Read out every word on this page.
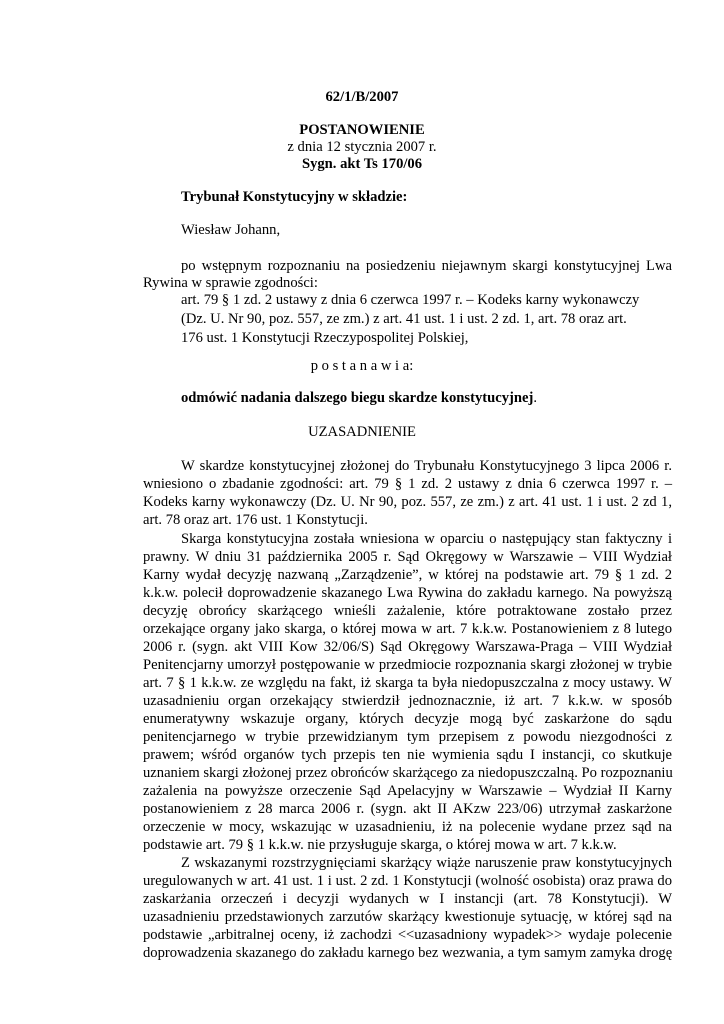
62/1/B/2007
POSTANOWIENIE
z dnia 12 stycznia 2007 r.
Sygn. akt Ts 170/06
Trybunał Konstytucyjny w składzie:
Wiesław Johann,
po wstępnym rozpoznaniu na posiedzeniu niejawnym skargi konstytucyjnej Lwa
Rywina w sprawie zgodności:
art. 79 § 1 zd. 2 ustawy z dnia 6 czerwca 1997 r. – Kodeks karny wykonawczy
(Dz. U. Nr 90, poz. 557, ze zm.) z art. 41 ust. 1 i ust. 2 zd. 1, art. 78 oraz art.
176 ust. 1 Konstytucji Rzeczypospolitej Polskiej,
p o s t a n a w i a:
odmówić nadania dalszego biegu skardze konstytucyjnej.
UZASADNIENIE
W skardze konstytucyjnej złożonej do Trybunału Konstytucyjnego 3 lipca 2006 r.
wniesiono o zbadanie zgodności: art. 79 § 1 zd. 2 ustawy z dnia 6 czerwca 1997 r. –
Kodeks karny wykonawczy (Dz. U. Nr 90, poz. 557, ze zm.) z art. 41 ust. 1 i ust. 2 zd 1,
art. 78 oraz art. 176 ust. 1 Konstytucji.
Skarga konstytucyjna została wniesiona w oparciu o następujący stan faktyczny i
prawny. W dniu 31 października 2005 r. Sąd Okręgowy w Warszawie – VIII Wydział
Karny wydał decyzję nazwaną „Zarządzenie”, w której na podstawie art. 79 § 1 zd. 2
k.k.w. polecił doprowadzenie skazanego Lwa Rywina do zakładu karnego. Na powyższą
decyzję obrońcy skarżącego wnieśli zażalenie, które potraktowane zostało przez
orzekające organy jako skarga, o której mowa w art. 7 k.k.w. Postanowieniem z 8 lutego
2006 r. (sygn. akt VIII Kow 32/06/S) Sąd Okręgowy Warszawa-Praga – VIII Wydział
Penitencjarny umorzył postępowanie w przedmiocie rozpoznania skargi złożonej w trybie
art. 7 § 1 k.k.w. ze względu na fakt, iż skarga ta była niedopuszczalna z mocy ustawy. W
uzasadnieniu organ orzekający stwierdził jednoznacznie, iż art. 7 k.k.w. w sposób
enumeratywny wskazuje organy, których decyzje mogą być zaskarżone do sądu
penitencjarnego w trybie przewidzianym tym przepisem z powodu niezgodności z
prawem; wśród organów tych przepis ten nie wymienia sądu I instancji, co skutkuje
uznaniem skargi złożonej przez obrońców skarżącego za niedopuszczalną. Po rozpoznaniu
zażalenia na powyższe orzeczenie Sąd Apelacyjny w Warszawie – Wydział II Karny
postanowieniem z 28 marca 2006 r. (sygn. akt II AKzw 223/06) utrzymał zaskarżone
orzeczenie w mocy, wskazując w uzasadnieniu, iż na polecenie wydane przez sąd na
podstawie art. 79 § 1 k.k.w. nie przysługuje skarga, o której mowa w art. 7 k.k.w.
Z wskazanymi rozstrzygnięciami skarżący wiąże naruszenie praw konstytucyjnych
uregulowanych w art. 41 ust. 1 i ust. 2 zd. 1 Konstytucji (wolność osobista) oraz prawa do
zaskarżania orzeczeń i decyzji wydanych w I instancji (art. 78 Konstytucji). W
uzasadnieniu przedstawionych zarzutów skarżący kwestionuje sytuację, w której sąd na
podstawie „arbitralnej oceny, iż zachodzi <<uzasadniony wypadek>> wydaje polecenie
doprowadzenia skazanego do zakładu karnego bez wezwania, a tym samym zamyka drogę
